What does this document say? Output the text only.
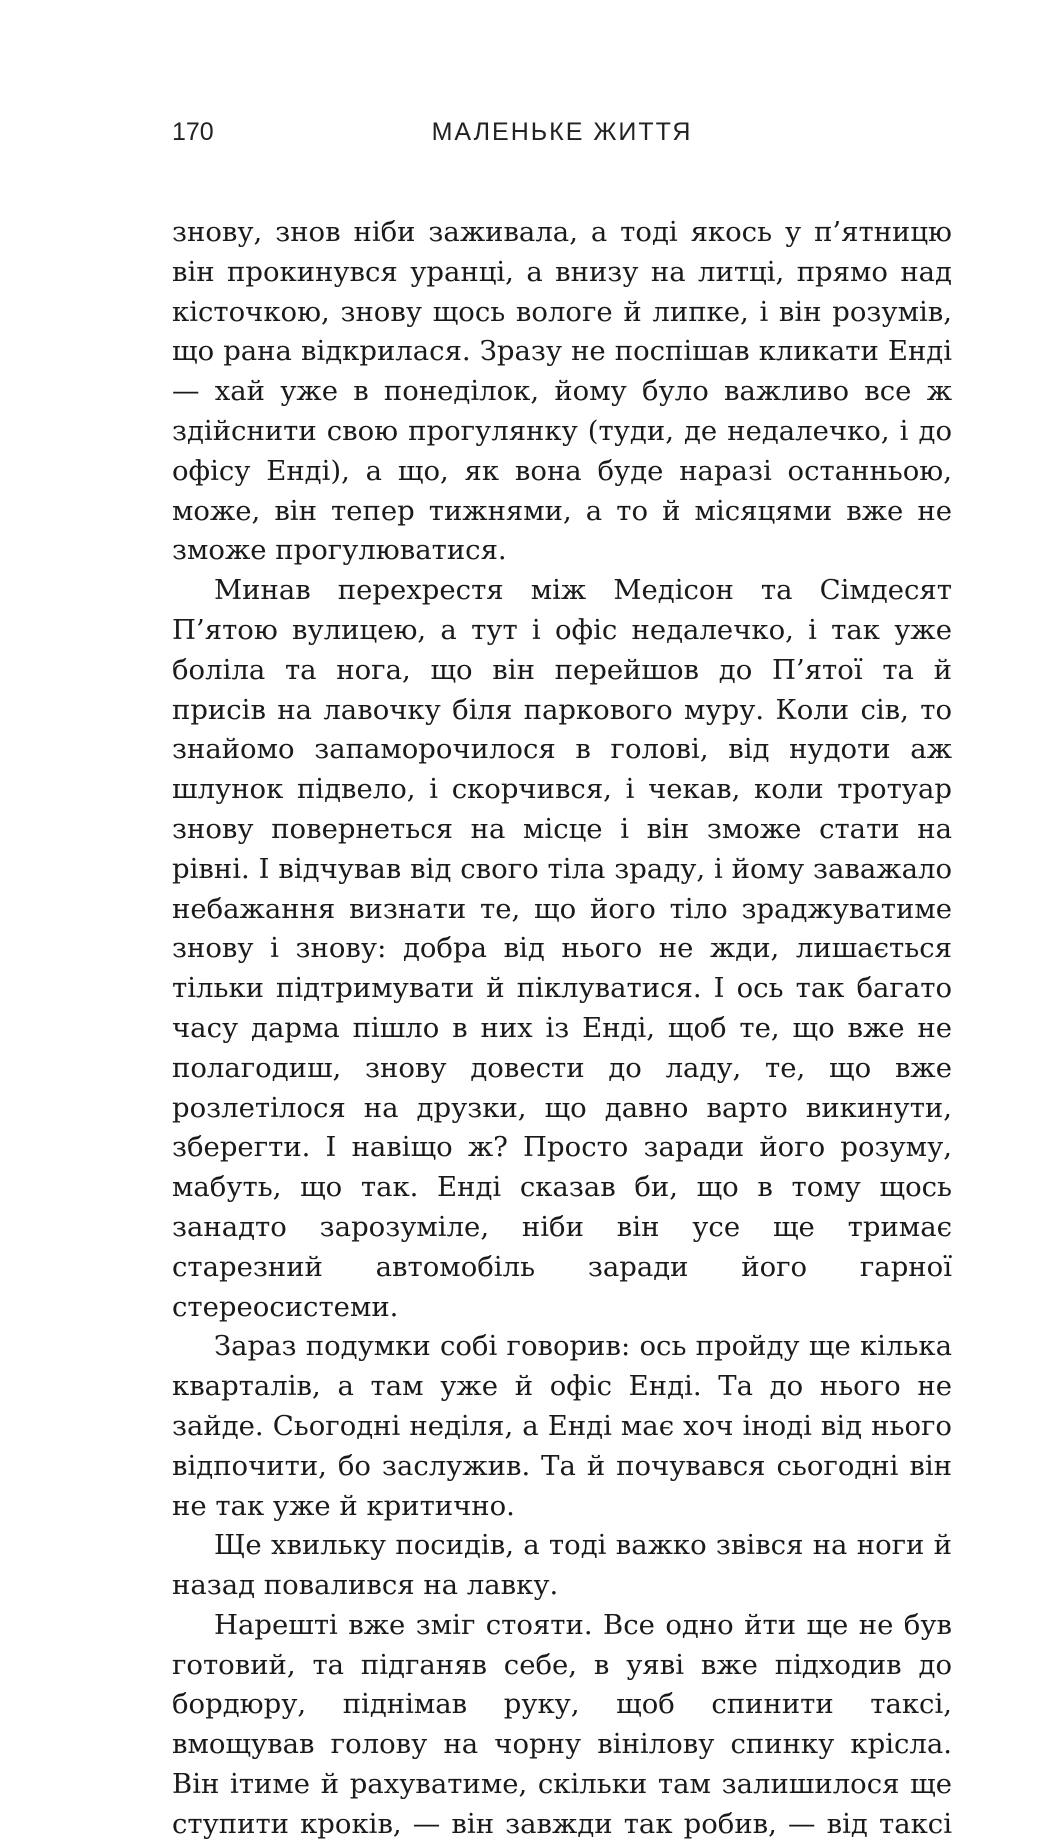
170	МАЛЕНЬКЕ ЖИТТЯ

знову, знов ніби заживала, а тоді якось у п’ятницю він прокинувся уранці, а внизу на литці, прямо над кісточкою, знову щось вологе й липке, і він розумів, що рана відкрилася. Зразу не поспішав кликати Енді — хай уже в понеділок, йому було важливо все ж здійснити свою прогулянку (туди, де недалечко, і до офісу Енді), а що, як вона буде наразі останньою, може, він тепер тижнями, а то й місяцями вже не зможе прогулюватися.

Минав перехрестя між Медісон та Сімдесят П’ятою вулицею, а тут і офіс недалечко, і так уже боліла та нога, що він перейшов до П’ятої та й присів на лавочку біля паркового муру. Коли сів, то знайомо запаморочилося в голові, від нудоти аж шлунок підвело, і скорчився, і чекав, коли тротуар знову повернеться на місце і він зможе стати на рівні. І відчував від свого тіла зраду, і йому заважало небажання визнати те, що його тіло зраджуватиме знову і знову: добра від нього не жди, лишається тільки підтримувати й піклуватися. І ось так багато часу дарма пішло в них із Енді, щоб те, що вже не полагодиш, знову довести до ладу, те, що вже розлетілося на друзки, що давно варто викинути, зберегти. І навіщо ж? Просто заради його розуму, мабуть, що так. Енді сказав би, що в тому щось занадто зарозуміле, ніби він усе ще тримає старезний автомобіль заради його гарної стереосистеми.

Зараз подумки собі говорив: ось пройду ще кілька кварталів, а там уже й офіс Енді. Та до нього не зайде. Сьогодні неділя, а Енді має хоч іноді від нього відпочити, бо заслужив. Та й почувався сьогодні він не так уже й критично.

Ще хвильку посидів, а тоді важко звівся на ноги й назад повалився на лавку.

Нарешті вже зміг стояти. Все одно йти ще не був готовий, та підганяв себе, в уяві вже підходив до бордюру, піднімав руку, щоб спинити таксі, вмощував голову на чорну вінілову спинку крісла. Він ітиме й рахуватиме, скільки там залишилося ще ступити кроків, — він завжди так робив, — від таксі
